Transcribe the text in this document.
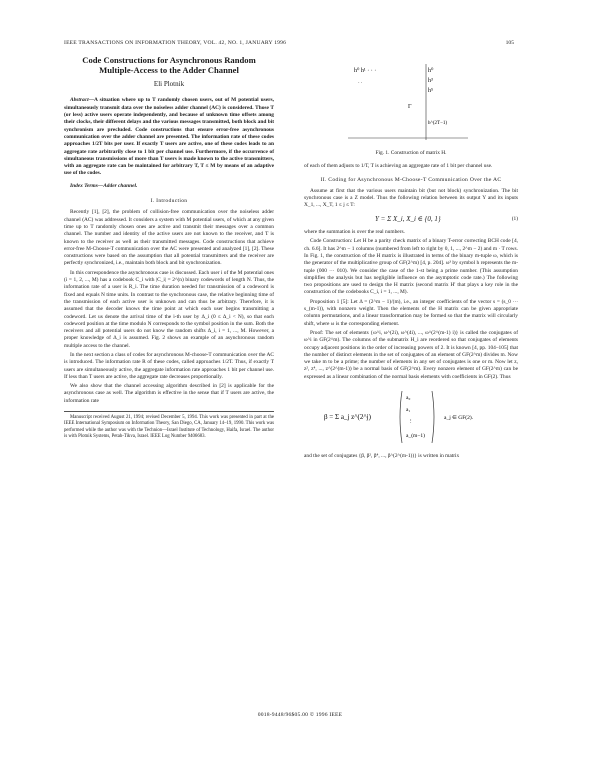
IEEE TRANSACTIONS ON INFORMATION THEORY, VOL. 42, NO. 1, JANUARY 1996	105
Code Constructions for Asynchronous Random Multiple-Access to the Adder Channel
Eli Plotnik
Abstract—A situation where up to T randomly chosen users, out of M potential users, simultaneously transmit data over the noiseless adder channel (AC) is considered. Those T (or less) active users operate independently, and because of unknown time offsets among their clocks, their different delays and the various messages transmitted, both block and bit synchronism are precluded. Code constructions that ensure error-free asynchronous communication over the adder channel are presented. The information rate of these codes approaches 1/2T bits per user. If exactly T users are active, one of these codes leads to an aggregate rate arbitrarily close to 1 bit per channel use. Furthermore, if the occurrence of simultaneous transmissions of more than T users is made known to the active transmitters, with an aggregate rate can be maintained for arbitrary T, T ≤ M by means of an adaptive use of the codes.
Index Terms—Adder channel.
I. Introduction

Recently [1], [2], the problem of collision-free communication over the noiseless adder channel (AC) was addressed. It considers a system with M potential users, of which at any given time up to T randomly chosen ones are active and transmit their messages over a common channel. The number and identity of the active users are not known to the receiver, and T is known to the receiver as well as their transmitted messages. Code constructions that achieve error-free M-Choose-T communication over the AC were presented and analyzed [1], [2]. These constructions were based on the assumption that all potential transmitters and the receiver are perfectly synchronized, i.e., maintain both block and bit synchronization.

In this correspondence the asynchronous case is discussed. Each user i of the M potential ones (i = 1, 2, ..., M) has a codebook C_i with |C_i| = 2^(n) binary codewords of length N. Thus, the information rate of a user is R_i. The time duration needed for transmission of a codeword is fixed and equals N time units. In contrast to the synchronous case, the relative beginning time of the transmission of each active user is unknown and can thus be arbitrary. Therefore, it is assumed that the decoder knows the time point at which each user begins transmitting a codeword. Let us denote the arrival time of the i-th user by Δ_i (0 ≤ Δ_i < N), so that each codeword position at the time modulo N corresponds to the symbol position in the sum. Both the receivers and all potential users do not know the random shifts Δ_i, i = 1, ..., M. However, a proper knowledge of Δ_i is assumed. Fig. 2 shows an example of an asynchronous random multiple access to the channel.

In the next section a class of codes for asynchronous M-choose-T communication over the AC is introduced. The information rate R of these codes, called approaches 1/2T. Thus, if exactly T users are simultaneously active, the aggregate information rate approaches 1 bit per channel use. If less than T users are active, the aggregate rate decreases proportionally.

We also show that the channel accessing algorithm described in [2] is applicable for the asynchronous case as well. The algorithm is effective in the sense that if T users are active, the information rate

Manuscript received August 21, 1994; revised December 5, 1994. This work was presented in part at the IEEE International Symposium on Information Theory, San Diego, CA, January 14–19, 1990. This work was performed while the author was with the Technion—Israel Institute of Technology, Haifa, Israel. The author is with Plotnik Systems, Petah-Tikva, Israel. IEEE Log Number 9406683.
h⁰ h¹ · · ·	h⁰
h³
h⁵
· ·
Γ
h^(2T−1)
Fig. 1. Construction of matrix H.

of each of them adjusts to 1/T, T is achieving an aggregate rate of 1 bit per channel use.

II. Coding for Asynchronous M-Choose-T Communication Over the AC

Assume at first that the various users maintain bit (but not block) synchronization. The bit synchronous case is a Z model. Thus the following relation between its output Y and its inputs X_1, ..., X_T, 1 ≤ j ≤ T:

Y = Σ X_i, X_i ∈ {0, 1}	(1)

where the summation is over the real numbers.

Code Construction: Let H be a parity check matrix of a binary T-error correcting BCH code [4, ch. 6.6]. It has 2^m − 1 columns (numbered from left to right by 0, 1, ..., 2^m − 2) and m · T rows. In Fig. 1, the construction of the H matrix is illustrated in terms of the binary m-tuple ω, which is the generator of the multiplicative group of GF(2^m) [4, p. 204]. ω³ by symbol h represents the m-tuple (000 ··· 010). We consider the case of the 1-st being a prime number. (This assumption simplifies the analysis but has negligible influence on the asymptotic code rate.) The following two propositions are used to design the H matrix (second matrix H' that plays a key role in the construction of the codebooks C_i, i = 1, ..., M).

Proposition 1 [5]: Let Δ = (2^m − 1)/(m), i.e., an integer coefficients of the vector s = (s_0 ··· s_(m-1)), with nonzero weight. Then the elements of the H matrix can be given appropriate column permutations, and a linear transformation may be formed so that the matrix will circularly shift, where ω is the corresponding element.

Proof: The set of elements {ω^i, ω^(2i), ω^(4i), ..., ω^(2^(m-1) i)} is called the conjugates of ω^i in GF(2^m). The columns of the submatrix H_i are reordered so that conjugates of elements occupy adjacent positions in the order of increasing powers of 2. It is known [4, pp. 104–105] that the number of distinct elements in the set of conjugates of an element of GF(2^m) divides m. Now we take m to be a prime; the number of elements in any set of conjugates is one or m. Now let z, z², z⁴, ..., z^(2^(m-1)) be a normal basis of GF(2^m). Every nonzero element of GF(2^m) can be expressed as a linear combination of the normal basis elements with coefficients in GF(2). Thus

β = Σ a_j z^(2^j)
a₀
a₁
⋮
a_(m−1)
a_j ∈ GF(2).

and the set of conjugates {β, β², β⁴, ..., β^(2^(m-1))} is written in matrix

0018-9448/96$05.00 © 1996 IEEE
